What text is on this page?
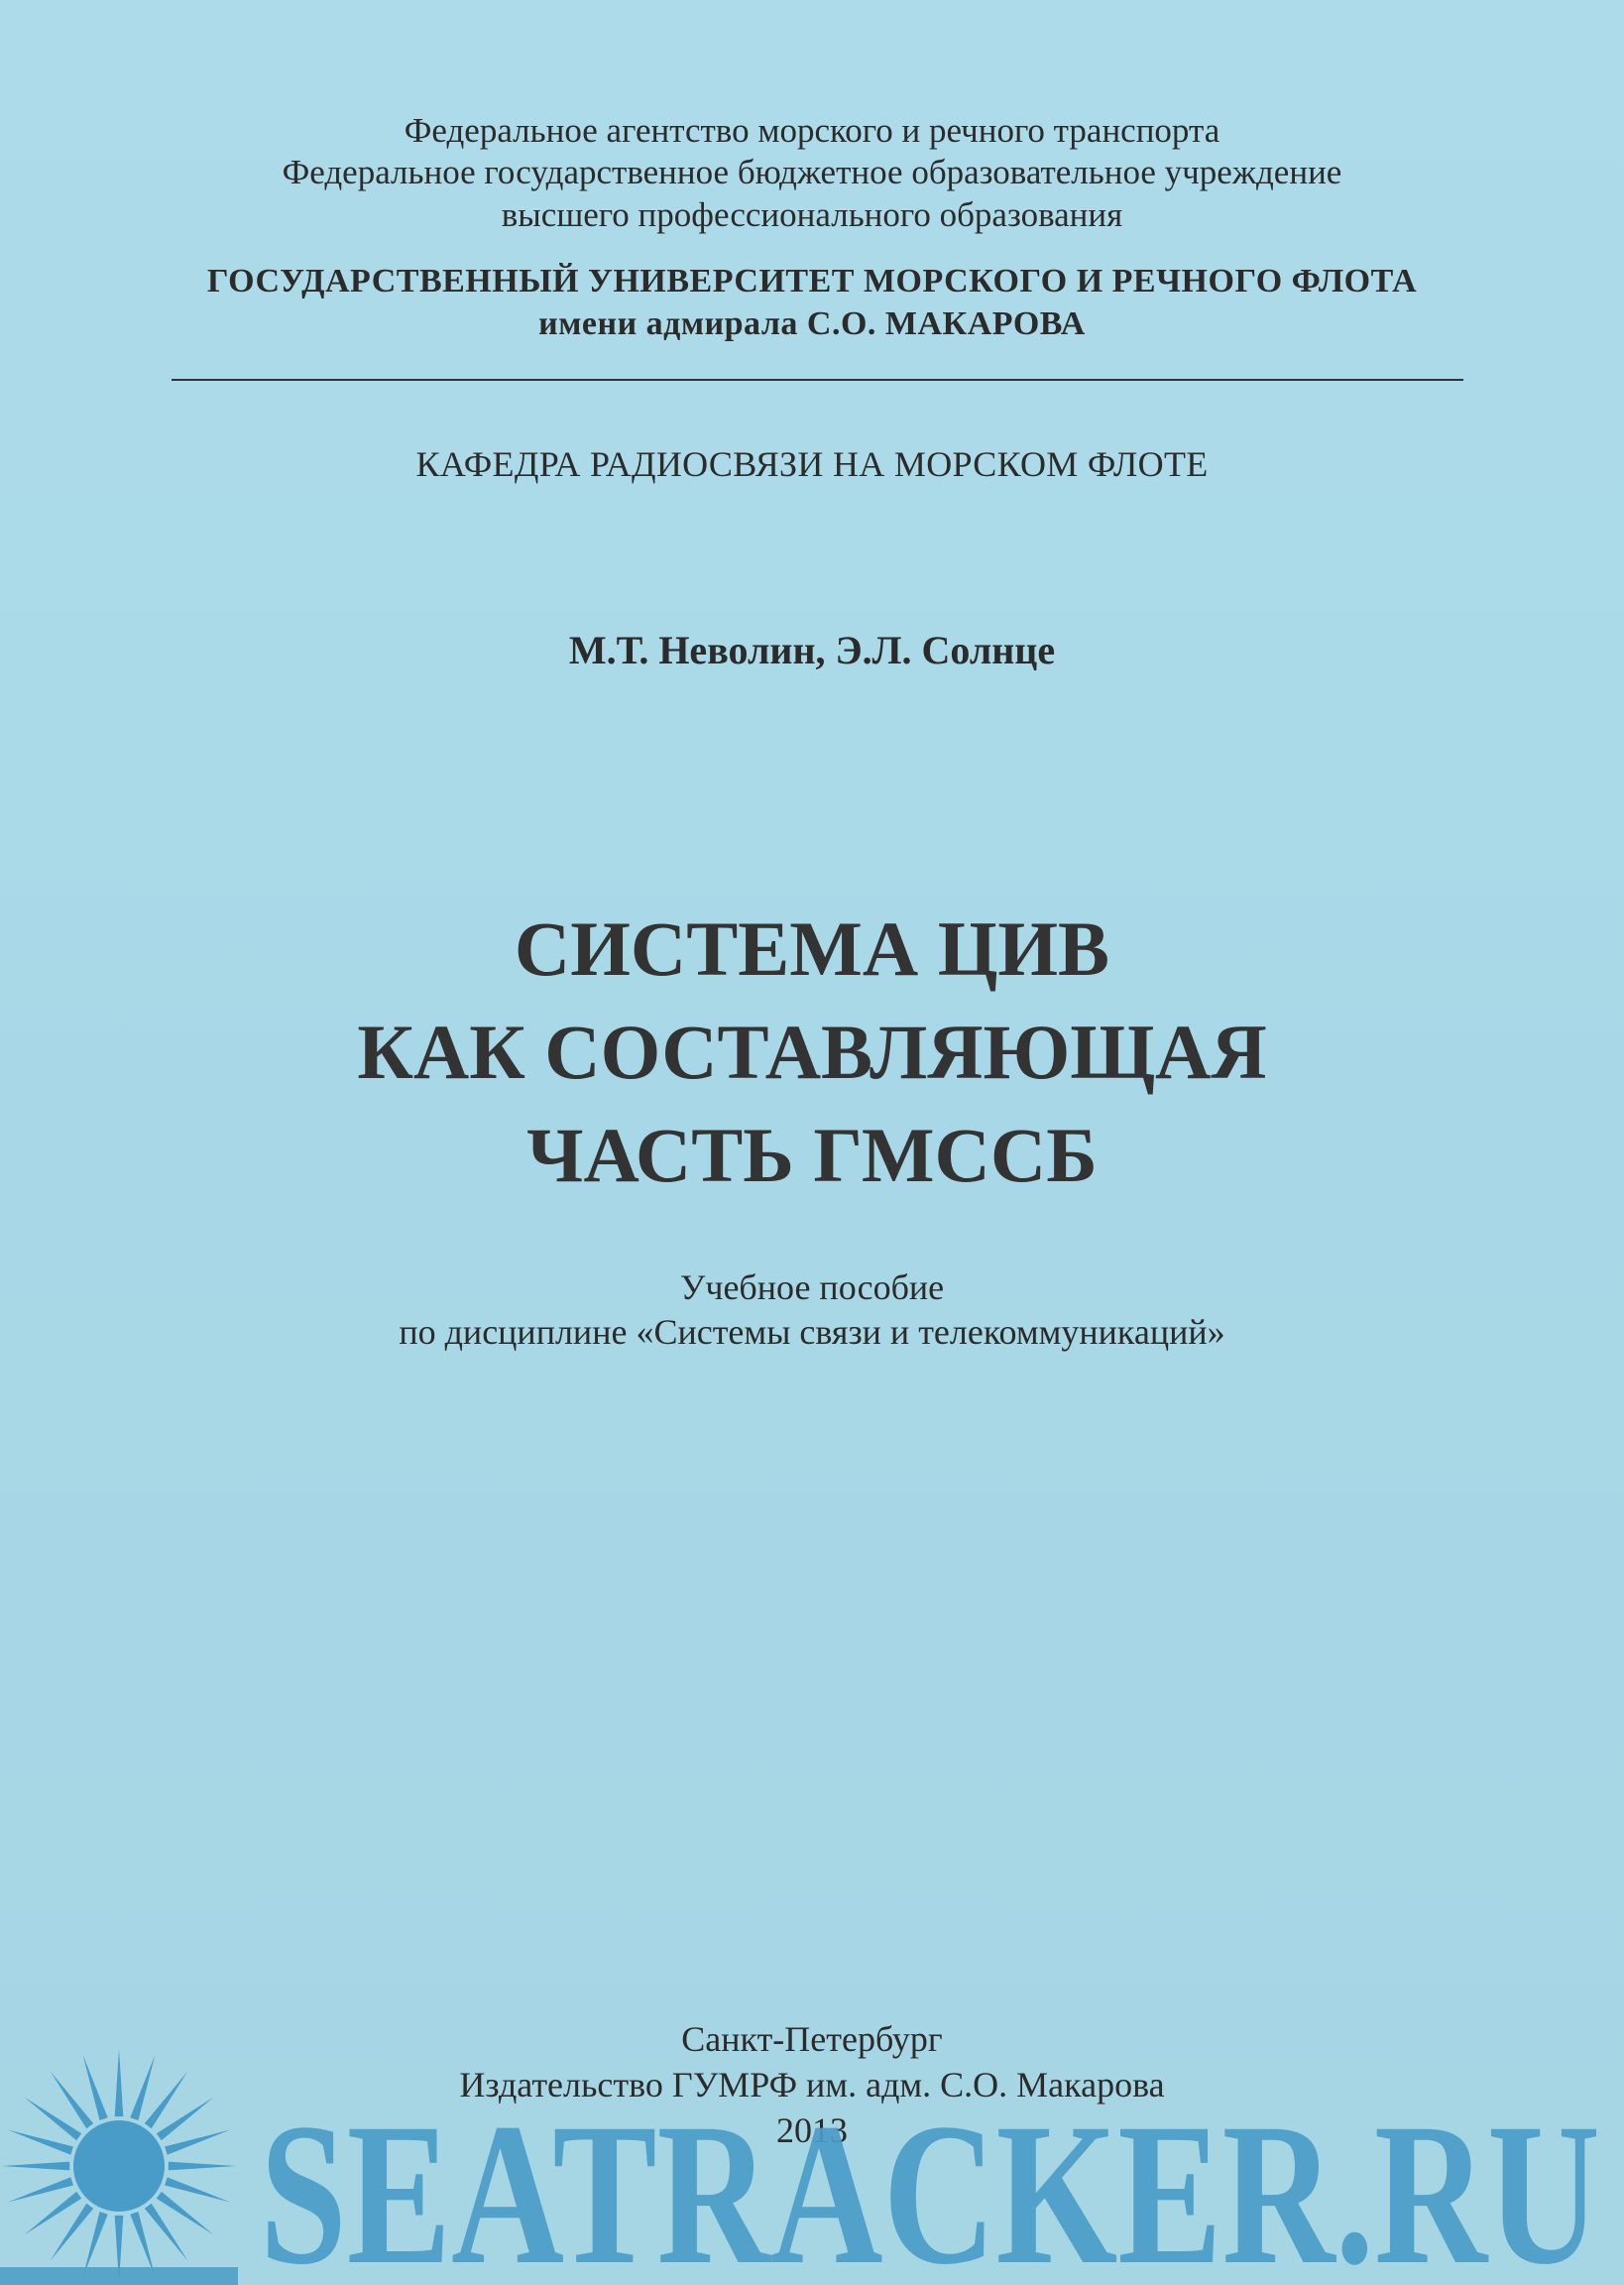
Федеральное агентство морского и речного транспорта
Федеральное государственное бюджетное образовательное учреждение
высшего профессионального образования
ГОСУДАРСТВЕННЫЙ УНИВЕРСИТЕТ МОРСКОГО И РЕЧНОГО ФЛОТА
имени адмирала С.О. МАКАРОВА
КАФЕДРА РАДИОСВЯЗИ НА МОРСКОМ ФЛОТЕ
М.Т. Неволин, Э.Л. Солнце
СИСТЕМА ЦИВ
КАК СОСТАВЛЯЮЩАЯ
ЧАСТЬ ГМССБ
Учебное пособие
по дисциплине «Системы связи и телекоммуникаций»
Санкт-Петербург
Издательство ГУМРФ им. адм. С.О. Макарова
2013
SEATRACKER.RU
